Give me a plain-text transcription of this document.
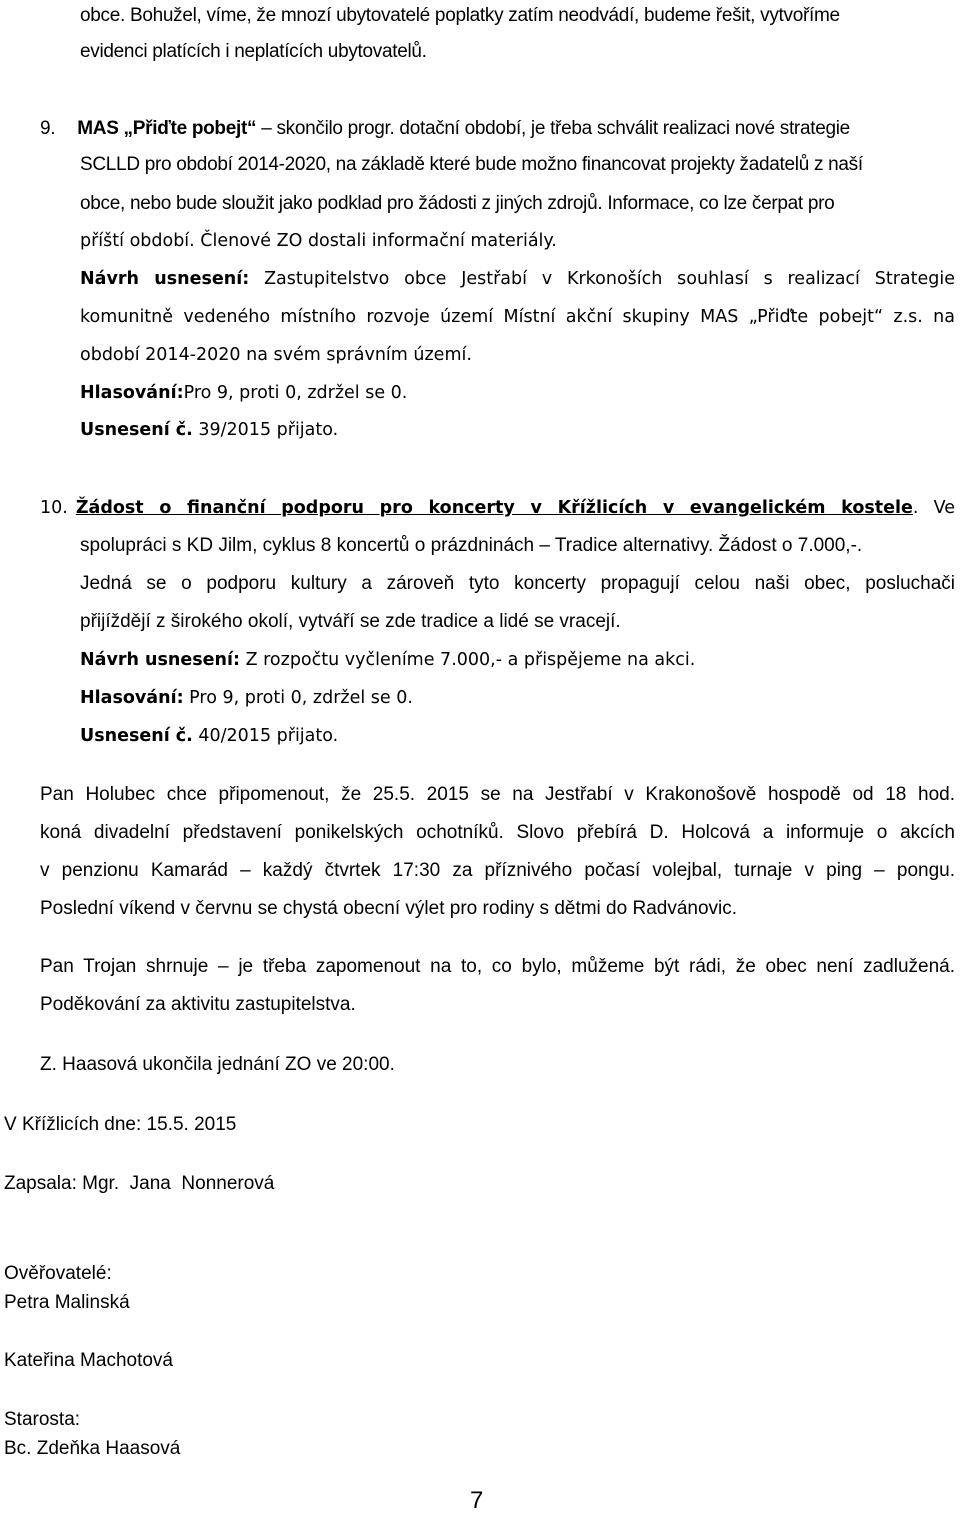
obce. Bohužel, víme, že mnozí ubytovatelé poplatky zatím neodvádí, budeme řešit, vytvoříme
evidenci platících i neplatících ubytovatelů.
9. MAS „Přiďte pobejt“ – skončilo progr. dotační období, je třeba schválit realizaci nové strategie
SCLLD pro období 2014-2020, na základě které bude možno financovat projekty žadatelů z naší
obce, nebo bude sloužit jako podklad pro žádosti z jiných zdrojů. Informace, co lze čerpat pro
příští období. Členové ZO dostali informační materiály.
Návrh usnesení: Zastupitelstvo obce Jestřabí v Krkonoších souhlasí s realizací Strategie
komunitně vedeného místního rozvoje území Místní akční skupiny MAS „Přiďte pobejt“ z.s. na
období 2014-2020 na svém správním území.
Hlasování:Pro 9, proti 0, zdržel se 0.
Usnesení č. 39/2015 přijato.
10. Žádost o finanční podporu pro koncerty v Křížlicích v evangelickém kostele. Ve
spolupráci s KD Jilm, cyklus 8 koncertů o prázdninách – Tradice alternativy. Žádost o 7.000,-.
Jedná se o podporu kultury a zároveň tyto koncerty propagují celou naši obec, posluchači
přijíždějí z širokého okolí, vytváří se zde tradice a lidé se vracejí.
Návrh usnesení: Z rozpočtu vyčleníme 7.000,- a přispějeme na akci.
Hlasování: Pro 9, proti 0, zdržel se 0.
Usnesení č. 40/2015 přijato.
Pan Holubec chce připomenout, že 25.5. 2015 se na Jestřabí v Krakonošově hospodě od 18 hod.
koná divadelní představení ponikelských ochotníků. Slovo přebírá D. Holcová a informuje o akcích
v penzionu Kamarád – každý čtvrtek 17:30 za příznivého počasí volejbal, turnaje v ping – pongu.
Poslední víkend v červnu se chystá obecní výlet pro rodiny s dětmi do Radvánovic.
Pan Trojan shrnuje – je třeba zapomenout na to, co bylo, můžeme být rádi, že obec není zadlužená.
Poděkování za aktivitu zastupitelstva.
Z. Haasová ukončila jednání ZO ve 20:00.
V Křížlicích dne: 15.5. 2015
Zapsala: Mgr.  Jana  Nonnerová
Ověřovatelé:
Petra Malinská
Kateřina Machotová
Starosta:
Bc. Zdeňka Haasová
7
